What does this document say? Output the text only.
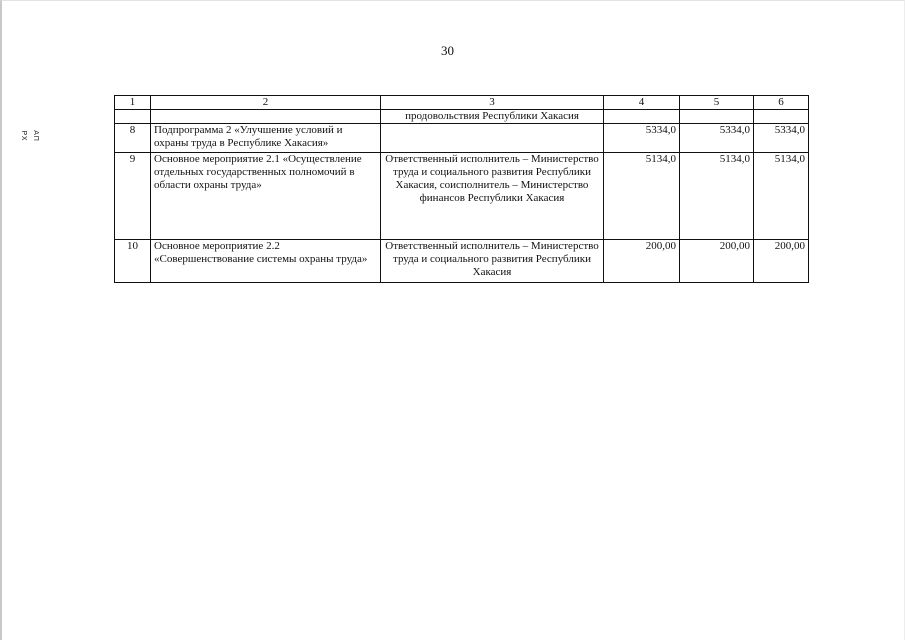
30
АП РХ
1	2	3	4	5	6
		продовольствия Республики Хакасия			
8	Подпрограмма 2 «Улучшение условий и охраны труда в Республике Хакасия»		5334,0	5334,0	5334,0
9	Основное мероприятие 2.1 «Осуществление отдельных государственных полномочий в области охраны труда»	Ответственный исполнитель – Министерство труда и социального развития Республики Хакасия, соисполнитель – Министерство финансов Республики Хакасия	5134,0	5134,0	5134,0
10	Основное мероприятие 2.2 «Совершенствование системы охраны труда»	Ответственный исполнитель – Министерство труда и социального развития Республики Хакасия	200,00	200,00	200,00
